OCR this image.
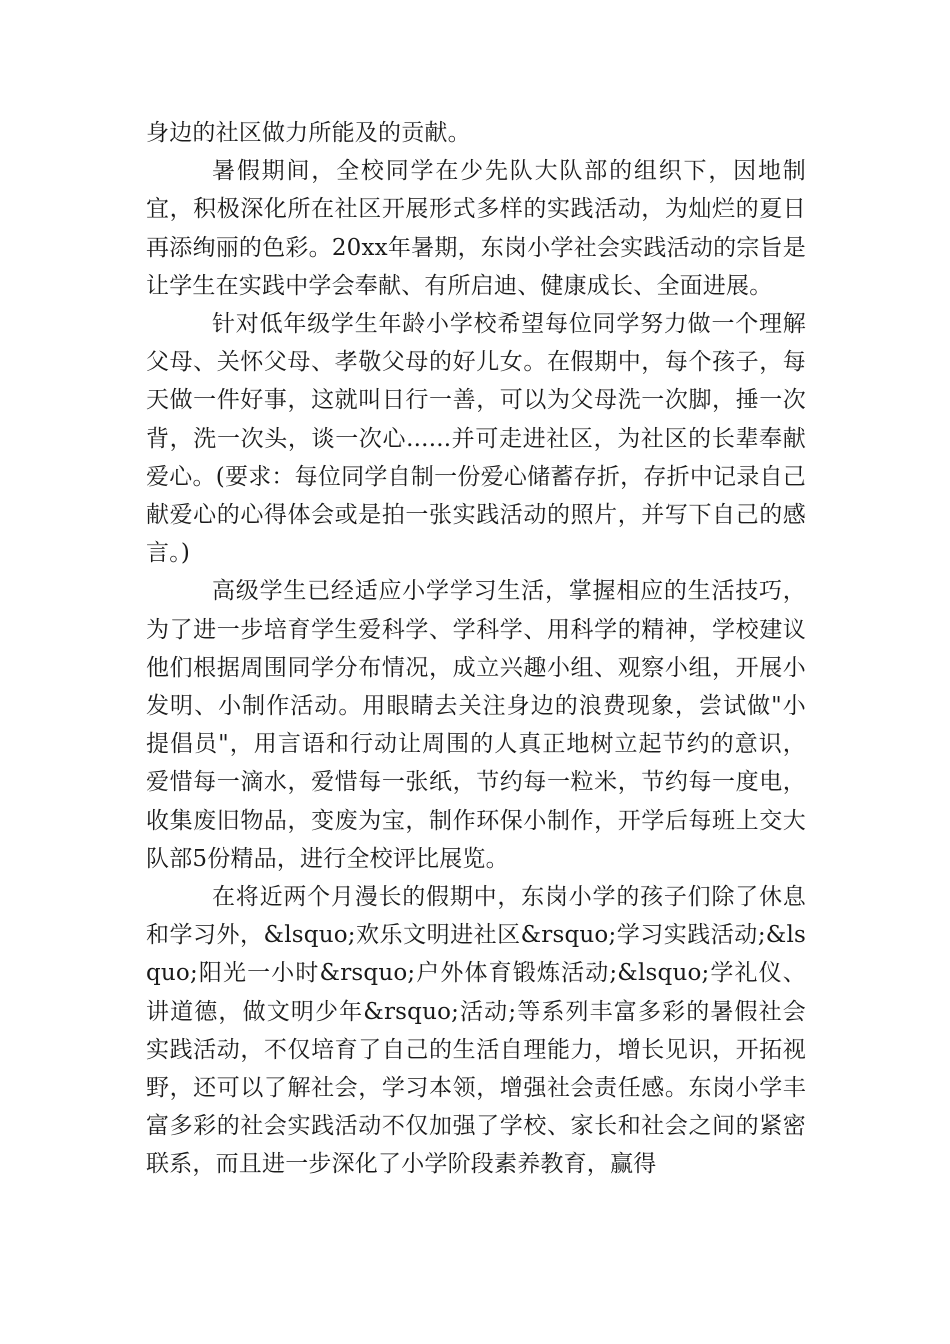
身边的社区做力所能及的贡献。

暑假期间，全校同学在少先队大队部的组织下，因地制宜，积极深化所在社区开展形式多样的实践活动，为灿烂的夏日再添绚丽的色彩。20xx年暑期，东岗小学社会实践活动的宗旨是让学生在实践中学会奉献、有所启迪、健康成长、全面进展。

针对低年级学生年龄小学校希望每位同学努力做一个理解父母、关怀父母、孝敬父母的好儿女。在假期中，每个孩子，每天做一件好事，这就叫日行一善，可以为父母洗一次脚，捶一次背，洗一次头，谈一次心......并可走进社区，为社区的长辈奉献爱心。(要求：每位同学自制一份爱心储蓄存折，存折中记录自己献爱心的心得体会或是拍一张实践活动的照片，并写下自己的感言。)

高级学生已经适应小学学习生活，掌握相应的生活技巧，为了进一步培育学生爱科学、学科学、用科学的精神，学校建议他们根据周围同学分布情况，成立兴趣小组、观察小组，开展小发明、小制作活动。用眼睛去关注身边的浪费现象，尝试做"小提倡员"，用言语和行动让周围的人真正地树立起节约的意识，爱惜每一滴水，爱惜每一张纸，节约每一粒米，节约每一度电，收集废旧物品，变废为宝，制作环保小制作，开学后每班上交大队部5份精品，进行全校评比展览。

在将近两个月漫长的假期中，东岗小学的孩子们除了休息和学习外，&lsquo;欢乐文明进社区&rsquo;学习实践活动;&lsquo;阳光一小时&rsquo;户外体育锻炼活动;&lsquo;学礼仪、讲道德，做文明少年&rsquo;活动;等系列丰富多彩的暑假社会实践活动，不仅培育了自己的生活自理能力，增长见识，开拓视野，还可以了解社会，学习本领，增强社会责任感。东岗小学丰富多彩的社会实践活动不仅加强了学校、家长和社会之间的紧密联系，而且进一步深化了小学阶段素养教育，赢得
